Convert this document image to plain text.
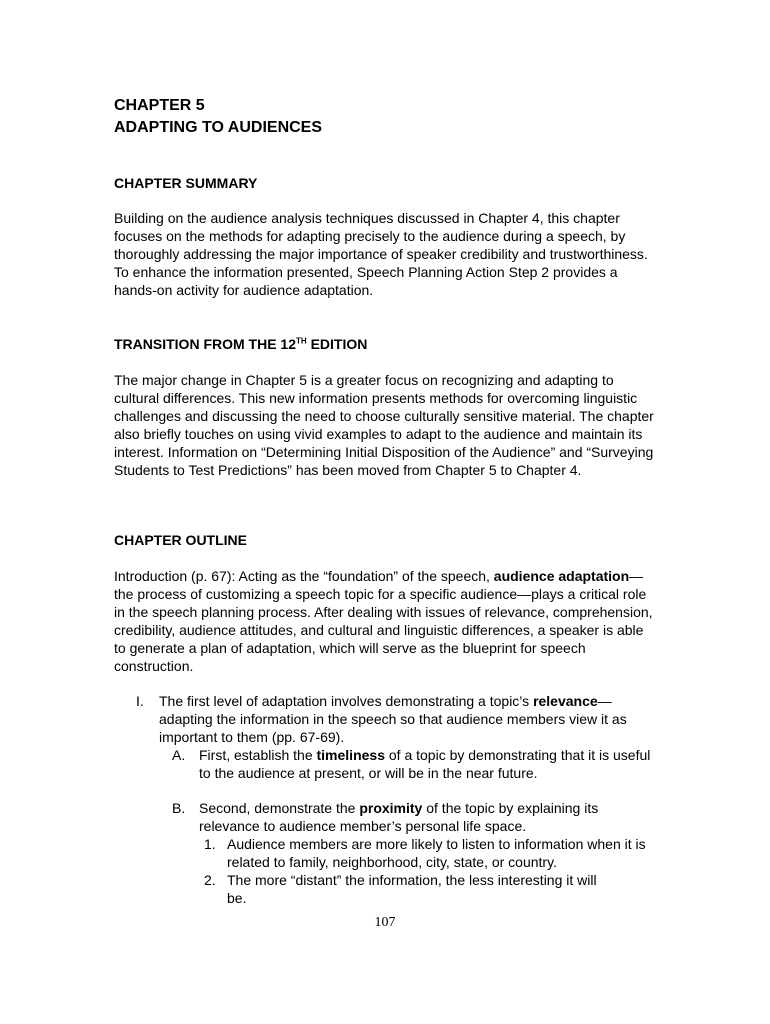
CHAPTER 5
ADAPTING TO AUDIENCES
CHAPTER SUMMARY

Building on the audience analysis techniques discussed in Chapter 4, this chapter focuses on the methods for adapting precisely to the audience during a speech, by thoroughly addressing the major importance of speaker credibility and trustworthiness. To enhance the information presented, Speech Planning Action Step 2 provides a hands-on activity for audience adaptation.

TRANSITION FROM THE 12TH EDITION

The major change in Chapter 5 is a greater focus on recognizing and adapting to cultural differences. This new information presents methods for overcoming linguistic challenges and discussing the need to choose culturally sensitive material. The chapter also briefly touches on using vivid examples to adapt to the audience and maintain its interest. Information on “Determining Initial Disposition of the Audience” and “Surveying Students to Test Predictions” has been moved from Chapter 5 to Chapter 4.

CHAPTER OUTLINE

Introduction (p. 67): Acting as the “foundation” of the speech, audience adaptation—the process of customizing a speech topic for a specific audience—plays a critical role in the speech planning process. After dealing with issues of relevance, comprehension, credibility, audience attitudes, and cultural and linguistic differences, a speaker is able to generate a plan of adaptation, which will serve as the blueprint for speech construction.

I. The first level of adaptation involves demonstrating a topic’s relevance—adapting the information in the speech so that audience members view it as important to them (pp. 67-69).
A. First, establish the timeliness of a topic by demonstrating that it is useful to the audience at present, or will be in the near future.
B. Second, demonstrate the proximity of the topic by explaining its relevance to audience member’s personal life space.
1. Audience members are more likely to listen to information when it is related to family, neighborhood, city, state, or country.
2. The more “distant” the information, the less interesting it will be.
107
